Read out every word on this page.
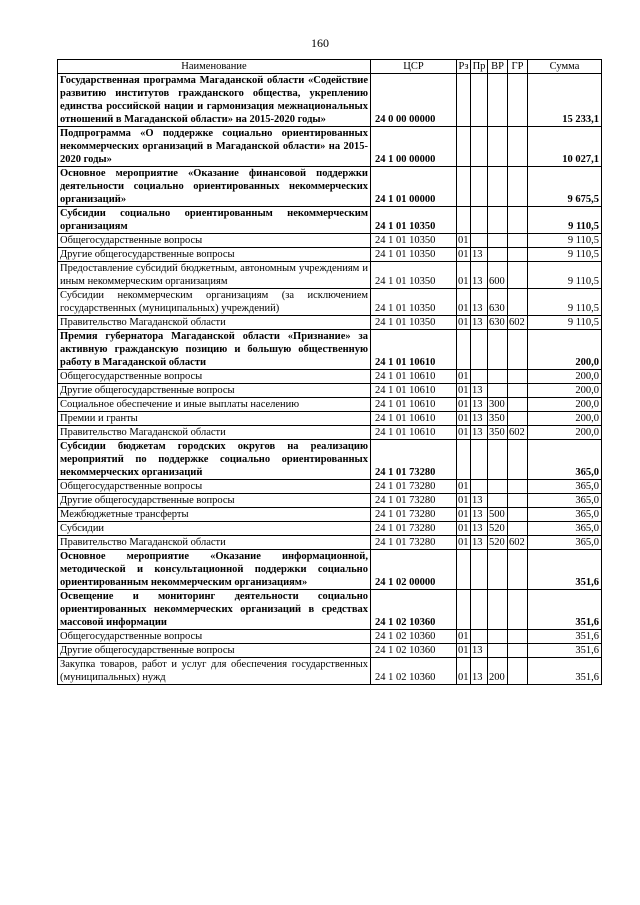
160
Наименование	ЦСР	Рз	Пр	ВР	ГР	Сумма
Государственная программа Магаданской области «Содействие развитию институтов гражданского общества, укреплению единства российской нации и гармонизация межнациональных отношений в Магаданской области» на 2015-2020 годы»	24 0 00 00000					15 233,1
Подпрограмма «О поддержке социально ориентированных некоммерческих организаций в Магаданской области» на 2015-2020 годы»	24 1 00 00000					10 027,1
Основное мероприятие «Оказание финансовой поддержки деятельности социально ориентированных некоммерческих организаций»	24 1 01 00000					9 675,5
Субсидии социально ориентированным некоммерческим организациям	24 1 01 10350					9 110,5
Общегосударственные вопросы	24 1 01 10350	01				9 110,5
Другие общегосударственные вопросы	24 1 01 10350	01	13			9 110,5
Предоставление субсидий бюджетным, автономным учреждениям и иным некоммерческим организациям	24 1 01 10350	01	13	600		9 110,5
Субсидии некоммерческим организациям (за исключением государственных (муниципальных) учреждений)	24 1 01 10350	01	13	630		9 110,5
Правительство Магаданской области	24 1 01 10350	01	13	630	602	9 110,5
Премия губернатора Магаданской области «Признание» за активную гражданскую позицию и большую общественную работу в Магаданской области	24 1 01 10610					200,0
Общегосударственные вопросы	24 1 01 10610	01				200,0
Другие общегосударственные вопросы	24 1 01 10610	01	13			200,0
Социальное обеспечение и иные выплаты населению	24 1 01 10610	01	13	300		200,0
Премии и гранты	24 1 01 10610	01	13	350		200,0
Правительство Магаданской области	24 1 01 10610	01	13	350	602	200,0
Субсидии бюджетам городских округов на реализацию мероприятий по поддержке социально ориентированных некоммерческих организаций	24 1 01 73280					365,0
Общегосударственные вопросы	24 1 01 73280	01				365,0
Другие общегосударственные вопросы	24 1 01 73280	01	13			365,0
Межбюджетные трансферты	24 1 01 73280	01	13	500		365,0
Субсидии	24 1 01 73280	01	13	520		365,0
Правительство Магаданской области	24 1 01 73280	01	13	520	602	365,0
Основное мероприятие «Оказание информационной, методической и консультационной поддержки социально ориентированным некоммерческим организациям»	24 1 02 00000					351,6
Освещение и мониторинг деятельности социально ориентированных некоммерческих организаций в средствах массовой информации	24 1 02 10360					351,6
Общегосударственные вопросы	24 1 02 10360	01				351,6
Другие общегосударственные вопросы	24 1 02 10360	01	13			351,6
Закупка товаров, работ и услуг для обеспечения государственных (муниципальных) нужд	24 1 02 10360	01	13	200		351,6
